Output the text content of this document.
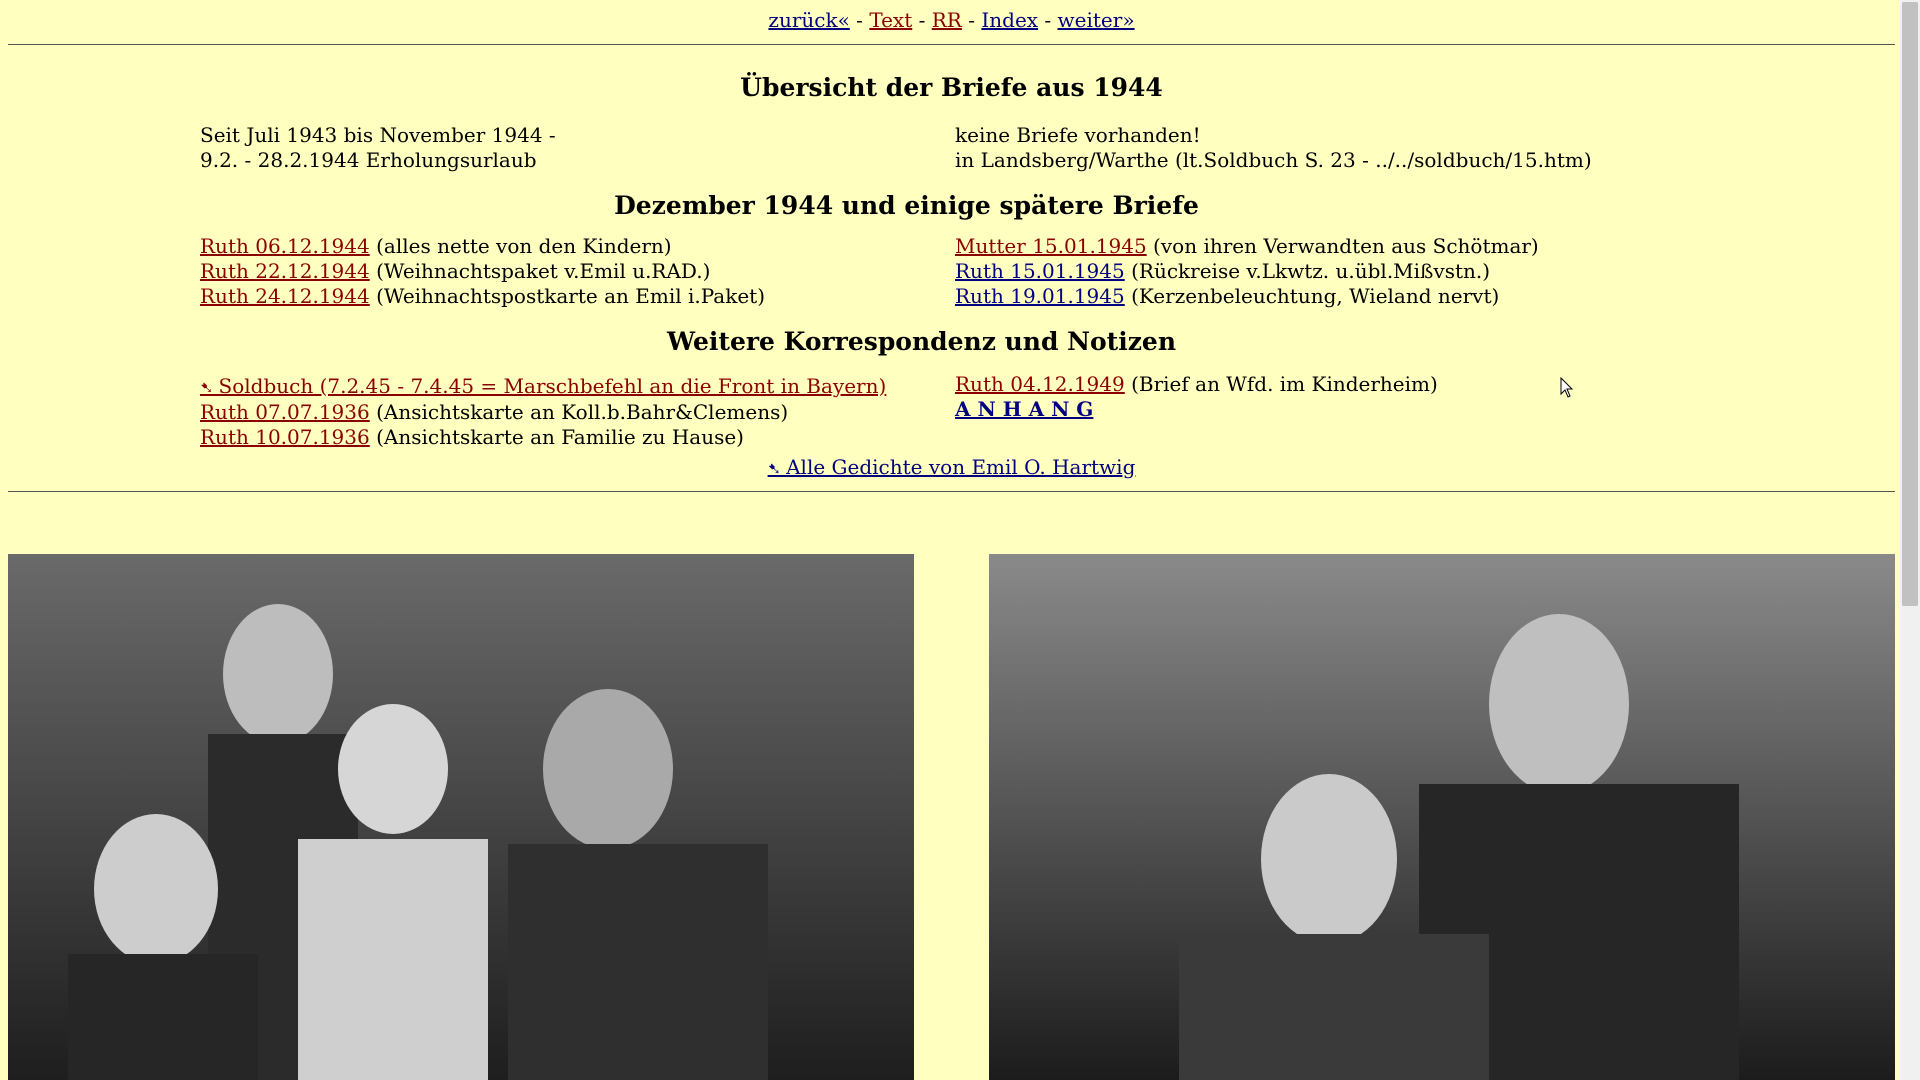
zurück« - Text - RR - Index - weiter»
Übersicht der Briefe aus 1944
Seit Juli 1943 bis November 1944 -
9.2. - 28.2.1944 Erholungsurlaub
keine Briefe vorhanden!
in Landsberg/Warthe (lt.Soldbuch S. 23 - ../../soldbuch/15.htm)
Dezember 1944 und einige spätere Briefe
Ruth 06.12.1944 (alles nette von den Kindern)
Ruth 22.12.1944 (Weihnachtspaket v.Emil u.RAD.)
Ruth 24.12.1944 (Weihnachtspostkarte an Emil i.Paket)
Mutter 15.01.1945 (von ihren Verwandten aus Schötmar)
Ruth 15.01.1945 (Rückreise v.Lkwtz. u.übl.Mißvstn.)
Ruth 19.01.1945 (Kerzenbeleuchtung, Wieland nervt)
Weitere Korrespondenz und Notizen
➷ Soldbuch (7.2.45 - 7.4.45 = Marschbefehl an die Front in Bayern)
Ruth 07.07.1936 (Ansichtskarte an Koll.b.Bahr&Clemens)
Ruth 10.07.1936 (Ansichtskarte an Familie zu Hause)
Ruth 04.12.1949 (Brief an Wfd. im Kinderheim)
A N H A N G
➷ Alle Gedichte von Emil O. Hartwig
